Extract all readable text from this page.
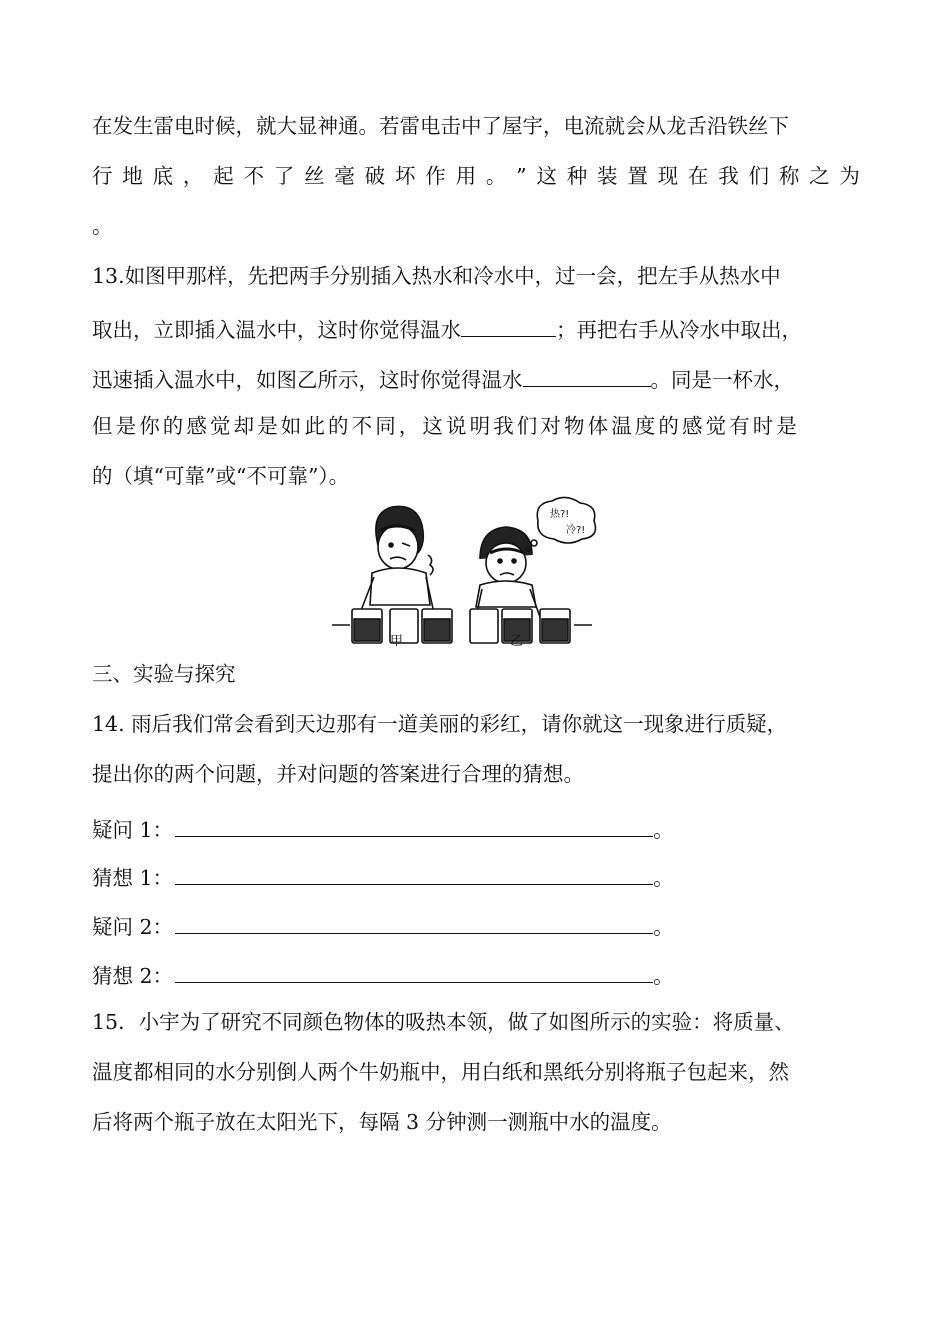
在发生雷电时候，就大显神通。若雷电击中了屋宇，电流就会从龙舌沿铁丝下
行 地 底 ， 起 不 了 丝 毫 破 坏 作 用 。 ” 这 种 装 置 现 在 我 们 称 之 为
。
13.如图甲那样，先把两手分别插入热水和冷水中，过一会，把左手从热水中
取出，立即插入温水中，这时你觉得温水	；再把右手从冷水中取出，
迅速插入温水中，如图乙所示，这时你觉得温水	。同是一杯水，
但是你的感觉却是如此的不同，这说明我们对物体温度的感觉有时是
的（填“可靠”或“不可靠”）。
甲	乙
热?!
冷?!
三、实验与探究
14. 雨后我们常会看到天边那有一道美丽的彩红，请你就这一现象进行质疑，
提出你的两个问题，并对问题的答案进行合理的猜想。
疑问 1：	。
猜想 1：	。
疑问 2：	。
猜想 2：	。
15．小宇为了研究不同颜色物体的吸热本领，做了如图所示的实验：将质量、
温度都相同的水分别倒人两个牛奶瓶中，用白纸和黑纸分别将瓶子包起来，然
后将两个瓶子放在太阳光下，每隔 3 分钟测一测瓶中水的温度。
